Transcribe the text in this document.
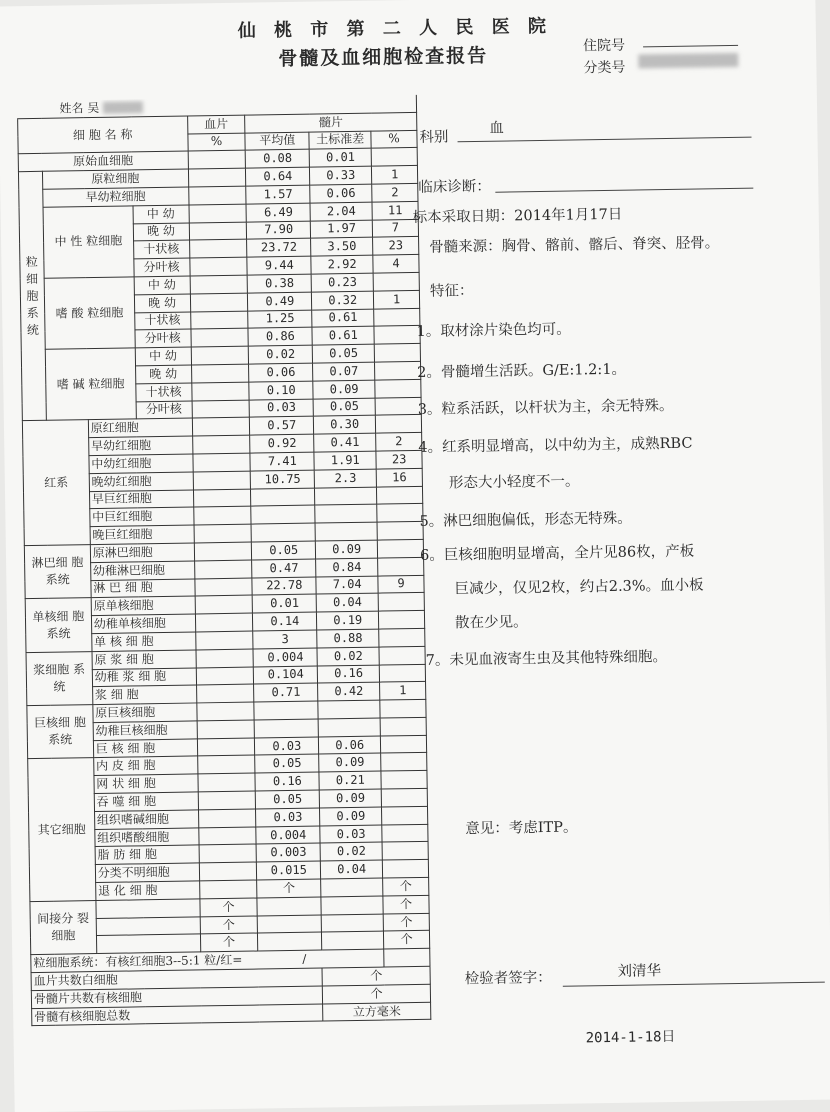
仙 桃 市 第 二 人 民 医 院
骨髓及血细胞检查报告	住院号
分类号
姓名 吴							
细 胞 名 称				血片	髓片		
				%	平均值	土标准差	%
原始血细胞					0.08	0.01	
粒细胞系统	原粒细胞				0.64	0.33	1
	早幼粒细胞				1.57	0.06	2
	中 性 粒细胞		中 幼		6.49	2.04	11
			晚 幼		7.90	1.97	7
			十状核		23.72	3.50	23
			分叶核		9.44	2.92	4
	嗜 酸 粒细胞		中 幼		0.38	0.23	
			晚 幼		0.49	0.32	1
			十状核		1.25	0.61	
			分叶核		0.86	0.61	
	嗜 碱 粒细胞		中 幼		0.02	0.05	
			晚 幼		0.06	0.07	
			十状核		0.10	0.09	
			分叶核		0.03	0.05	
红系		原红细胞			0.57	0.30	
		早幼红细胞			0.92	0.41	2
		中幼红细胞			7.41	1.91	23
		晚幼红细胞			10.75	2.3	16
		早巨红细胞					
		中巨红细胞					
		晚巨红细胞					
淋巴细 胞系统		原淋巴细胞			0.05	0.09	
		幼稚淋巴细胞			0.47	0.84	
		淋 巴 细 胞			22.78	7.04	9
单核细 胞系统		原单核细胞			0.01	0.04	
		幼稚单核细胞			0.14	0.19	
		单 核 细 胞			3	0.88	
浆细胞 系统		原 浆 细 胞			0.004	0.02	
		幼稚 浆 细 胞			0.104	0.16	
		浆 细 胞			0.71	0.42	1
巨核细 胞系统		原巨核细胞					
		幼稚巨核细胞					
		巨 核 细 胞			0.03	0.06	
其它细胞		内 皮 细 胞			0.05	0.09	
		网 状 细 胞			0.16	0.21	
		吞 噬 细 胞			0.05	0.09	
		组织嗜碱细胞			0.03	0.09	
		组织嗜酸细胞			0.004	0.03	
		脂 肪 细 胞			0.003	0.02	
		分类不明细胞			0.015	0.04	
		退 化 细 胞			个		个
间接分 裂细胞				个			个
				个			个
				个			个
粒细胞系统：有核红细胞3--5:1 粒/红= /							
血片共数白细胞						个	
骨髓片共数有核细胞						个	
骨髓有核细胞总数						立方毫米	
科别
血
临床诊断：
标本采取日期：2014年1月17日
骨髓来源：胸骨、髂前、髂后、脊突、胫骨。
特征：
1。取材涂片染色均可。
2。骨髓增生活跃。G/E:1.2:1。
3。粒系活跃，以杆状为主，余无特殊。
4。红系明显增高，以中幼为主，成熟RBC
形态大小轻度不一。
5。淋巴细胞偏低，形态无特殊。
6。巨核细胞明显增高，全片见86枚，产板
巨减少，仅见2枚，约占2.3%。血小板
散在少见。
7。未见血液寄生虫及其他特殊细胞。
意见：考虑ITP。
检验者签字：	刘清华
2014-1-18日
